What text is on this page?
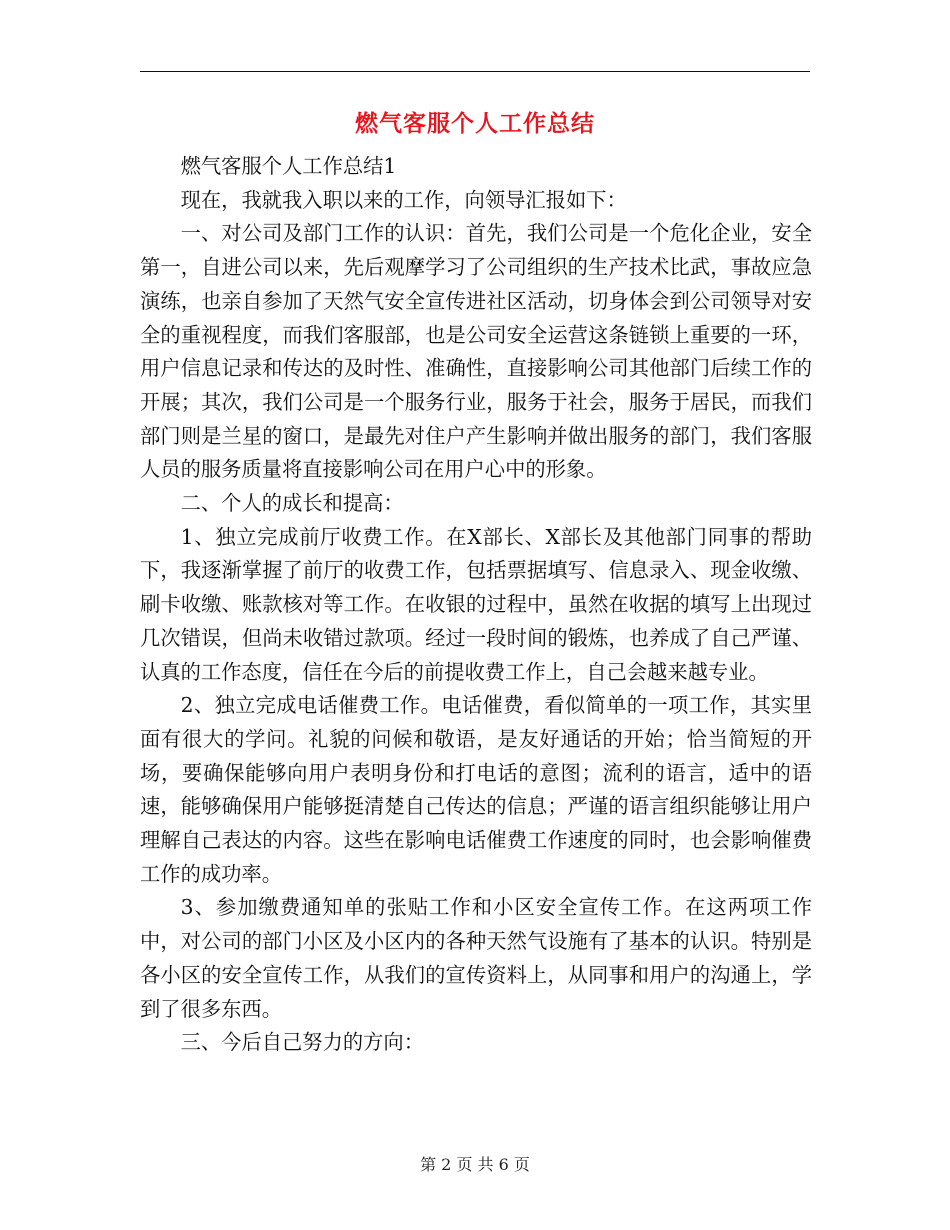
燃气客服个人工作总结

燃气客服个人工作总结1

现在，我就我入职以来的工作，向领导汇报如下：

一、对公司及部门工作的认识：首先，我们公司是一个危化企业，安全第一，自进公司以来，先后观摩学习了公司组织的生产技术比武，事故应急演练，也亲自参加了天然气安全宣传进社区活动，切身体会到公司领导对安全的重视程度，而我们客服部，也是公司安全运营这条链锁上重要的一环，用户信息记录和传达的及时性、准确性，直接影响公司其他部门后续工作的开展；其次，我们公司是一个服务行业，服务于社会，服务于居民，而我们部门则是兰星的窗口，是最先对住户产生影响并做出服务的部门，我们客服人员的服务质量将直接影响公司在用户心中的形象。

二、个人的成长和提高：

1、独立完成前厅收费工作。在X部长、X部长及其他部门同事的帮助下，我逐渐掌握了前厅的收费工作，包括票据填写、信息录入、现金收缴、刷卡收缴、账款核对等工作。在收银的过程中，虽然在收据的填写上出现过几次错误，但尚未收错过款项。经过一段时间的锻炼，也养成了自己严谨、认真的工作态度，信任在今后的前提收费工作上，自己会越来越专业。

2、独立完成电话催费工作。电话催费，看似简单的一项工作，其实里面有很大的学问。礼貌的问候和敬语，是友好通话的开始；恰当简短的开场，要确保能够向用户表明身份和打电话的意图；流利的语言，适中的语速，能够确保用户能够挺清楚自己传达的信息；严谨的语言组织能够让用户理解自己表达的内容。这些在影响电话催费工作速度的同时，也会影响催费工作的成功率。

3、参加缴费通知单的张贴工作和小区安全宣传工作。在这两项工作中，对公司的部门小区及小区内的各种天然气设施有了基本的认识。特别是各小区的安全宣传工作，从我们的宣传资料上，从同事和用户的沟通上，学到了很多东西。

三、今后自己努力的方向：

第 2 页 共 6 页
